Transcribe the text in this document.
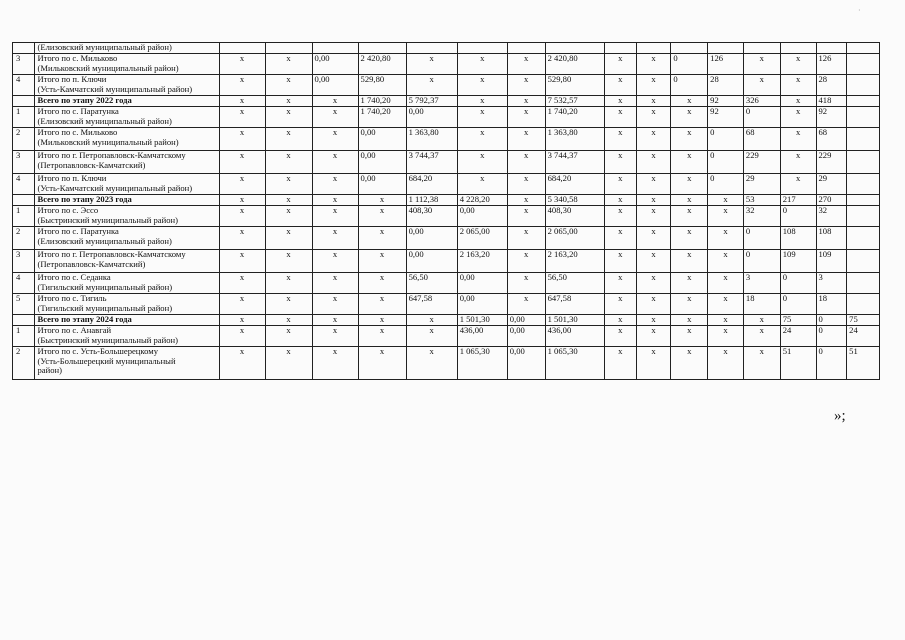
·

	(Елизовский муниципальный район)																

3	Итого по с. Мильково
(Мильковский муниципальный район)	х	х	0,00	2 420,80	х	х	х	2 420,80	х	х	0	126	х	х	126	
4	Итого по п. Ключи
(Усть-Камчатский муниципальный район)	х	х	0,00	529,80	х	х	х	529,80	х	х	0	28	х	х	28	

	Всего по этапу 2022 года	х	х	х	1 740,20	5 792,37	х	х	7 532,57	х	х	х	92	326	х	418	
1	Итого по с. Паратунка
(Елизовский муниципальный район)	х	х	х	1 740,20	0,00	х	х	1 740,20	х	х	х	92	0	х	92	
2	Итого по с. Мильково
(Мильковский муниципальный район)	х	х	х	0,00	1 363,80	х	х	1 363,80	х	х	х	0	68	х	68	
3	Итого по г. Петропавловск-Камчатскому
(Петропавловск-Камчатский)	х	х	х	0,00	3 744,37	х	х	3 744,37	х	х	х	0	229	х	229	
4	Итого по п. Ключи
(Усть-Камчатский муниципальный район)	х	х	х	0,00	684,20	х	х	684,20	х	х	х	0	29	х	29	

	Всего по этапу 2023 года	х	х	х	х	1 112,38	4 228,20	х	5 340,58	х	х	х	х	53	217	270	
1	Итого по с. Эссо
(Быстринский муниципальный район)	х	х	х	х	408,30	0,00	х	408,30	х	х	х	х	32	0	32	
2	Итого по с. Паратунка
(Елизовский муниципальный район)	х	х	х	х	0,00	2 065,00	х	2 065,00	х	х	х	х	0	108	108	
3	Итого по г. Петропавловск-Камчатскому
(Петропавловск-Камчатский)	х	х	х	х	0,00	2 163,20	х	2 163,20	х	х	х	х	0	109	109	
4	Итого по с. Седанка
(Тигильский муниципальный район)	х	х	х	х	56,50	0,00	х	56,50	х	х	х	х	3	0	3	
5	Итого по с. Тигиль
(Тигильский муниципальный район)	х	х	х	х	647,58	0,00	х	647,58	х	х	х	х	18	0	18	

	Всего по этапу 2024 года	х	х	х	х	х	1 501,30	0,00	1 501,30	х	х	х	х	х	75	0	75
1	Итого по с. Анавгай
(Быстринский муниципальный район)	х	х	х	х	х	436,00	0,00	436,00	х	х	х	х	х	24	0	24
2	Итого по с. Усть-Большерецкому
(Усть-Большерецкий муниципальный
район)	х	х	х	х	х	1 065,30	0,00	1 065,30	х	х	х	х	х	51	0	51
»;
